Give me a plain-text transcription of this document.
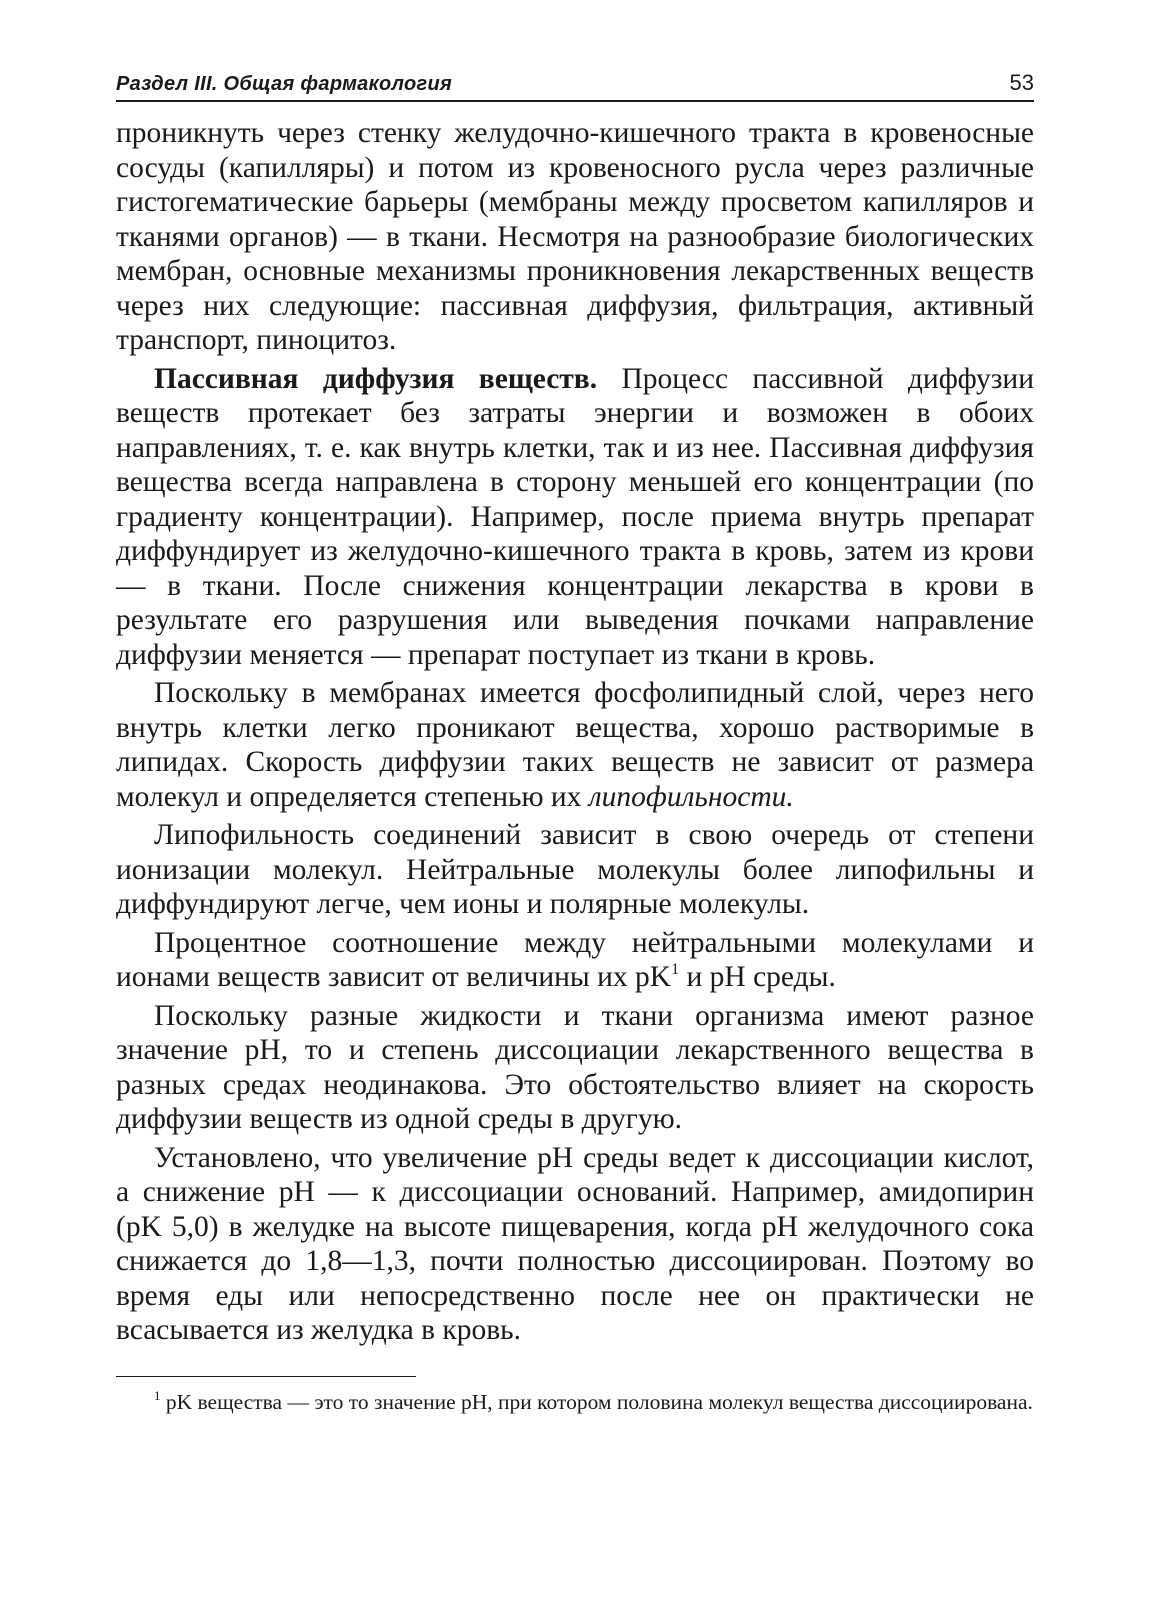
Раздел III. Общая фармакология	53

проникнуть через стенку желудочно-кишечного тракта в кровеносные сосуды (капилляры) и потом из кровеносного русла через различные гистогематические барьеры (мембраны между просветом капилляров и тканями органов) — в ткани. Несмотря на разнообразие биологических мембран, основные механизмы проникновения лекарственных веществ через них следующие: пассивная диффузия, фильтрация, активный транспорт, пиноцитоз.

Пассивная диффузия веществ. Процесс пассивной диффузии веществ протекает без затраты энергии и возможен в обоих направлениях, т. е. как внутрь клетки, так и из нее. Пассивная диффузия вещества всегда направлена в сторону меньшей его концентрации (по градиенту концентрации). Например, после приема внутрь препарат диффундирует из желудочно-кишечного тракта в кровь, затем из крови — в ткани. После снижения концентрации лекарства в крови в результате его разрушения или выведения почками направление диффузии меняется — препарат поступает из ткани в кровь.

Поскольку в мембранах имеется фосфолипидный слой, через него внутрь клетки легко проникают вещества, хорошо растворимые в липидах. Скорость диффузии таких веществ не зависит от размера молекул и определяется степенью их липофильности.

Липофильность соединений зависит в свою очередь от степени ионизации молекул. Нейтральные молекулы более липофильны и диффундируют легче, чем ионы и полярные молекулы.

Процентное соотношение между нейтральными молекулами и ионами веществ зависит от величины их $pK^1$ и pH среды.

Поскольку разные жидкости и ткани организма имеют разное значение pH, то и степень диссоциации лекарственного вещества в разных средах неодинакова. Это обстоятельство влияет на скорость диффузии веществ из одной среды в другую.

Установлено, что увеличение pH среды ведет к диссоциации кислот, а снижение pH — к диссоциации оснований. Например, амидопирин (pK 5,0) в желудке на высоте пищеварения, когда pH желудочного сока снижается до 1,8—1,3, почти полностью диссоциирован. Поэтому во время еды или непосредственно после нее он практически не всасывается из желудка в кровь.

$^1$ pK вещества — это то значение pH, при котором половина молекул вещества диссоциирована.
